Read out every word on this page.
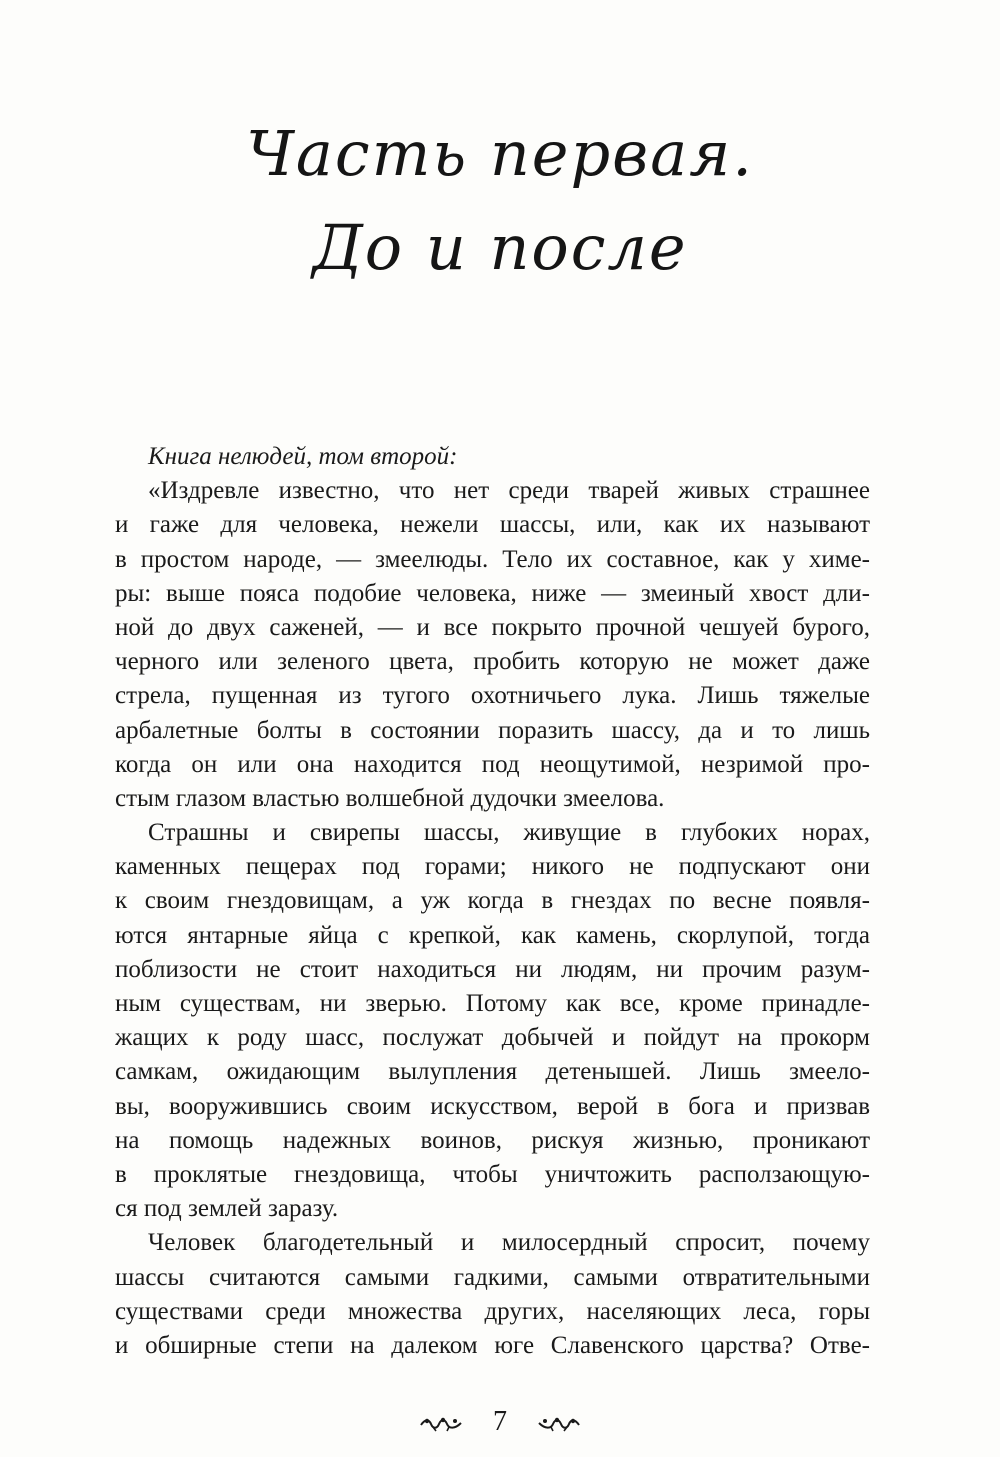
Часть первая.
До и после
Книга нелюдей, том второй:
«Издревле известно, что нет среди тварей живых страшнее
и гаже для человека, нежели шассы, или, как их называют
в простом народе, — змеелюды. Тело их составное, как у химе-
ры: выше пояса подобие человека, ниже — змеиный хвост дли-
ной до двух саженей, — и все покрыто прочной чешуей бурого,
черного или зеленого цвета, пробить которую не может даже
стрела, пущенная из тугого охотничьего лука. Лишь тяжелые
арбалетные болты в состоянии поразить шассу, да и то лишь
когда он или она находится под неощутимой, незримой про-
стым глазом властью волшебной дудочки змеелова.
Страшны и свирепы шассы, живущие в глубоких норах,
каменных пещерах под горами; никого не подпускают они
к своим гнездовищам, а уж когда в гнездах по весне появля-
ются янтарные яйца с крепкой, как камень, скорлупой, тогда
поблизости не стоит находиться ни людям, ни прочим разум-
ным существам, ни зверью. Потому как все, кроме принадле-
жащих к роду шасс, послужат добычей и пойдут на прокорм
самкам, ожидающим вылупления детенышей. Лишь змеело-
вы, вооружившись своим искусством, верой в бога и призвав
на помощь надежных воинов, рискуя жизнью, проникают
в проклятые гнездовища, чтобы уничтожить расползающую-
ся под землей заразу.
Человек благодетельный и милосердный спросит, почему
шассы считаются самыми гадкими, самыми отвратительными
существами среди множества других, населяющих леса, горы
и обширные степи на далеком юге Славенского царства? Отве-
7
